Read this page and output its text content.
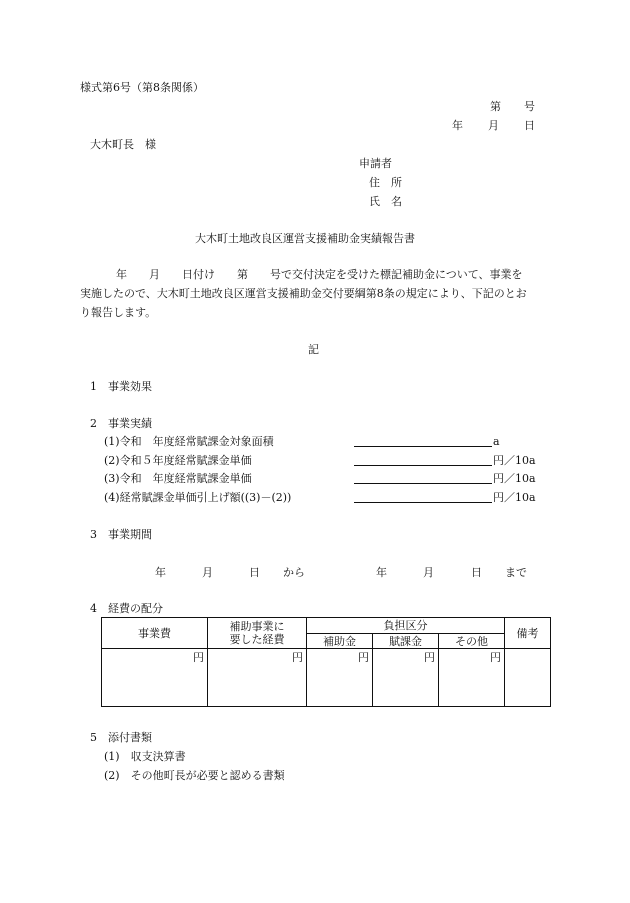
様式第6号（第8条関係）
第 号
年 月 日
大木町長　様
申請者
住　所
氏　名
大木町土地改良区運営支援補助金実績報告書
年　　月　　日付け　　第　　号で交付決定を受けた標記補助金について、事業を
実施したので、大木町土地改良区運営支援補助金交付要綱第8条の規定により、下記のとお
り報告します。
記
1　事業効果
2　事業実績
(1)令和　年度経常賦課金対象面積	a
(2)令和５年度経常賦課金単価	円／10a
(3)令和　年度経常賦課金単価	円／10a
(4)経常賦課金単価引上げ額((3)－(2))	円／10a
3　事業期間
年	月	日 から	年	月	日 まで
4　経費の配分
事業費	補助事業に
要した経費	負担区分			備考
		補助金	賦課金	その他	
円	円	円	円	円	
5　添付書類
(1)　収支決算書
(2)　その他町長が必要と認める書類
